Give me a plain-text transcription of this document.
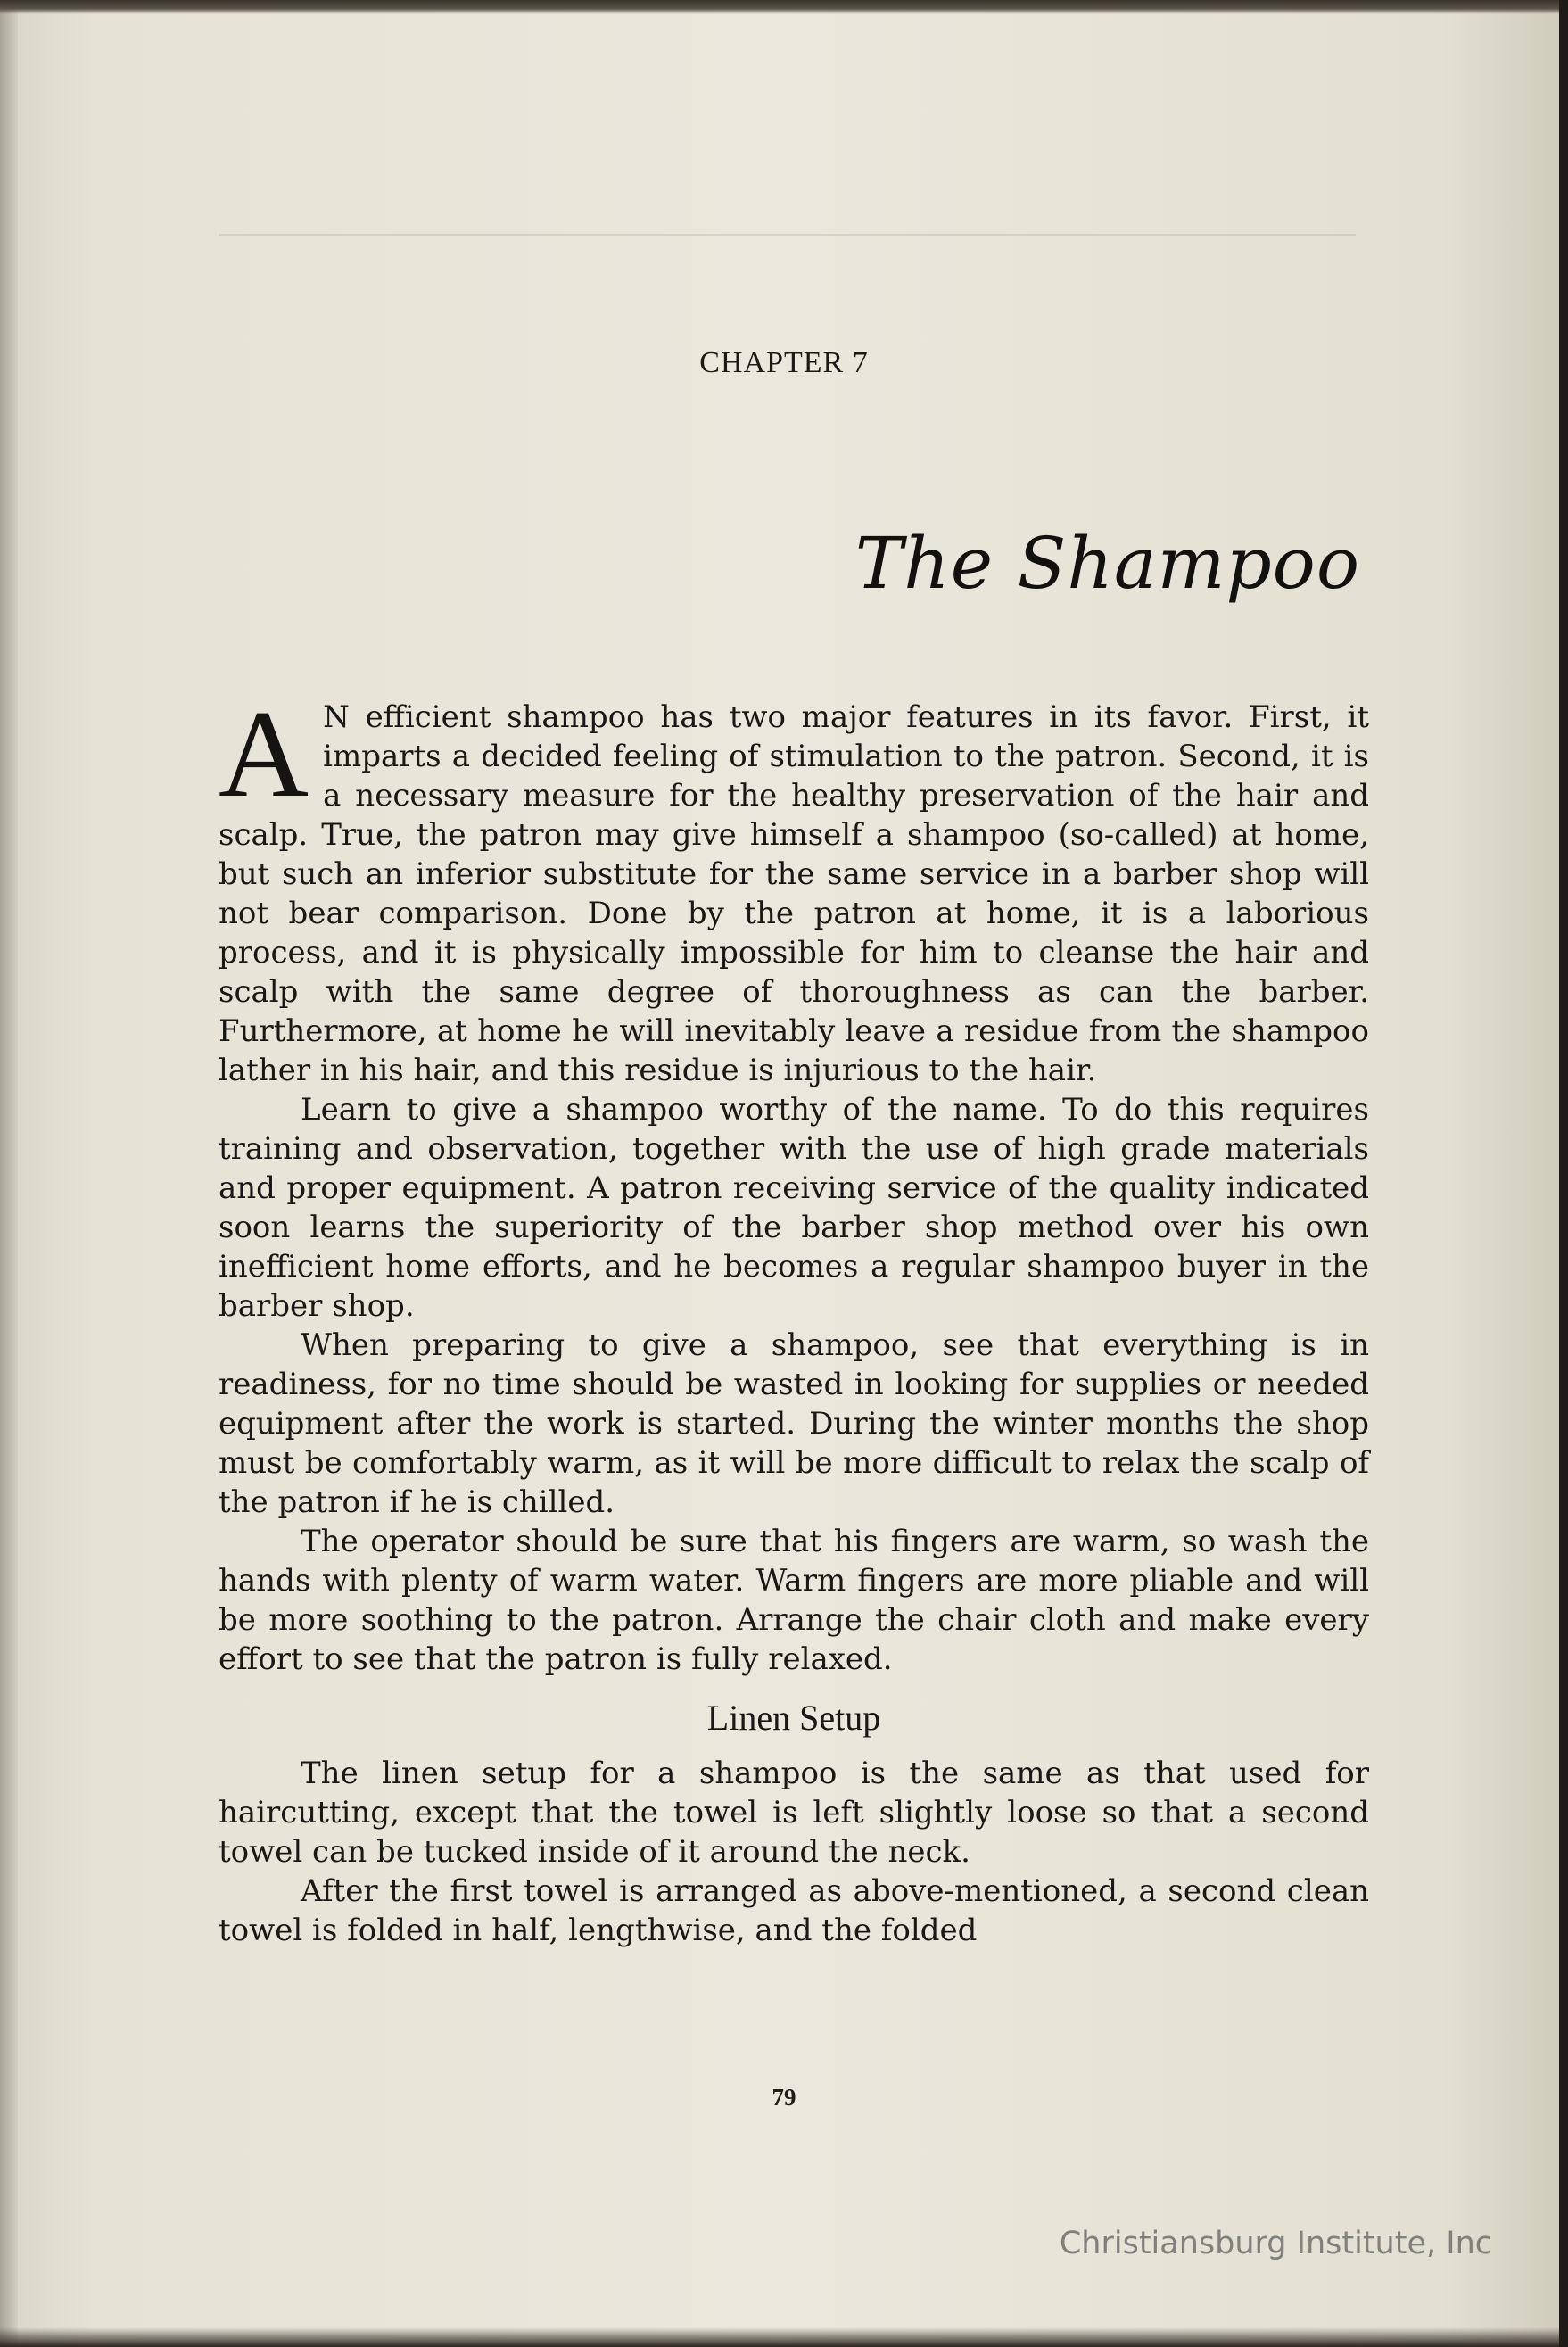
CHAPTER 7
The Shampoo

A N efficient shampoo has two major features in its favor. First, it imparts a decided feeling of stimulation to the patron. Second, it is a necessary measure for the healthy preservation of the hair and scalp. True, the patron may give himself a shampoo (so-called) at home, but such an inferior substitute for the same service in a barber shop will not bear comparison. Done by the patron at home, it is a laborious process, and it is physically impossible for him to cleanse the hair and scalp with the same degree of thoroughness as can the barber. Furthermore, at home he will inevitably leave a residue from the shampoo lather in his hair, and this residue is injurious to the hair.

Learn to give a shampoo worthy of the name. To do this requires training and observation, together with the use of high grade materials and proper equipment. A patron receiving service of the quality indicated soon learns the superiority of the barber shop method over his own inefficient home efforts, and he becomes a regular shampoo buyer in the barber shop.

When preparing to give a shampoo, see that everything is in readiness, for no time should be wasted in looking for supplies or needed equipment after the work is started. During the winter months the shop must be comfortably warm, as it will be more difficult to relax the scalp of the patron if he is chilled.

The operator should be sure that his fingers are warm, so wash the hands with plenty of warm water. Warm fingers are more pliable and will be more soothing to the patron. Arrange the chair cloth and make every effort to see that the patron is fully relaxed.

Linen Setup

The linen setup for a shampoo is the same as that used for haircutting, except that the towel is left slightly loose so that a second towel can be tucked inside of it around the neck.

After the first towel is arranged as above-mentioned, a second clean towel is folded in half, lengthwise, and the folded

79
Christiansburg Institute, Inc
